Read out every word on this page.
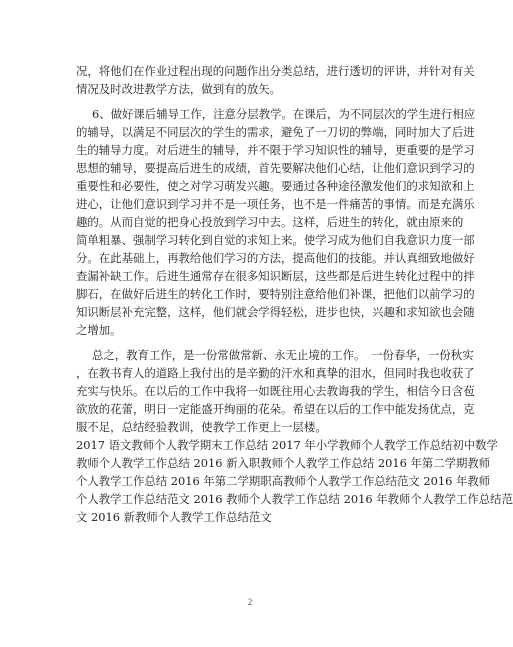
况，将他们在作业过程出现的问题作出分类总结，进行透切的评讲，并针对有关
情况及时改进教学方法，做到有的放矢。
6、做好课后辅导工作，注意分层教学。在课后，为不同层次的学生进行相应
的辅导，以满足不同层次的学生的需求，避免了一刀切的弊端，同时加大了后进
生的辅导力度。对后进生的辅导，并不限于学习知识性的辅导，更重要的是学习
思想的辅导，要提高后进生的成绩，首先要解决他们心结，让他们意识到学习的
重要性和必要性，使之对学习萌发兴趣。要通过各种途径激发他们的求知欲和上
进心，让他们意识到学习并不是一项任务，也不是一件痛苦的事情。而是充满乐
趣的。从而自觉的把身心投放到学习中去。这样，后进生的转化，就由原来的
简单粗暴、强制学习转化到自觉的求知上来。使学习成为他们自我意识力度一部
分。在此基础上，再教给他们学习的方法，提高他们的技能。并认真细致地做好
查漏补缺工作。后进生通常存在很多知识断层，这些都是后进生转化过程中的拌
脚石，在做好后进生的转化工作时，要特别注意给他们补课，把他们以前学习的
知识断层补充完整，这样，他们就会学得轻松，进步也快，兴趣和求知欲也会随
之增加。
总之，教育工作，是一份常做常新、永无止境的工作。　一份春华，一份秋实
，在教书育人的道路上我付出的是辛勤的汗水和真挚的泪水，但同时我也收获了
充实与快乐。在以后的工作中我将一如既往用心去教诲我的学生，相信今日含苞
欲放的花蕾，明日一定能盛开绚丽的花朵。希望在以后的工作中能发扬优点，克
服不足，总结经验教训，使教学工作更上一层楼。
2017 语文教师个人教学期末工作总结 2017 年小学教师个人教学工作总结初中数学
教师个人教学工作总结 2016 新入职教师个人教学工作总结 2016 年第二学期教师
个人教学工作总结 2016 年第二学期职高教师个人教学工作总结范文 2016 年教师
个人教学工作总结范文 2016 教师个人教学工作总结 2016 年教师个人教学工作总结范
文 2016 新教师个人教学工作总结范文
2
